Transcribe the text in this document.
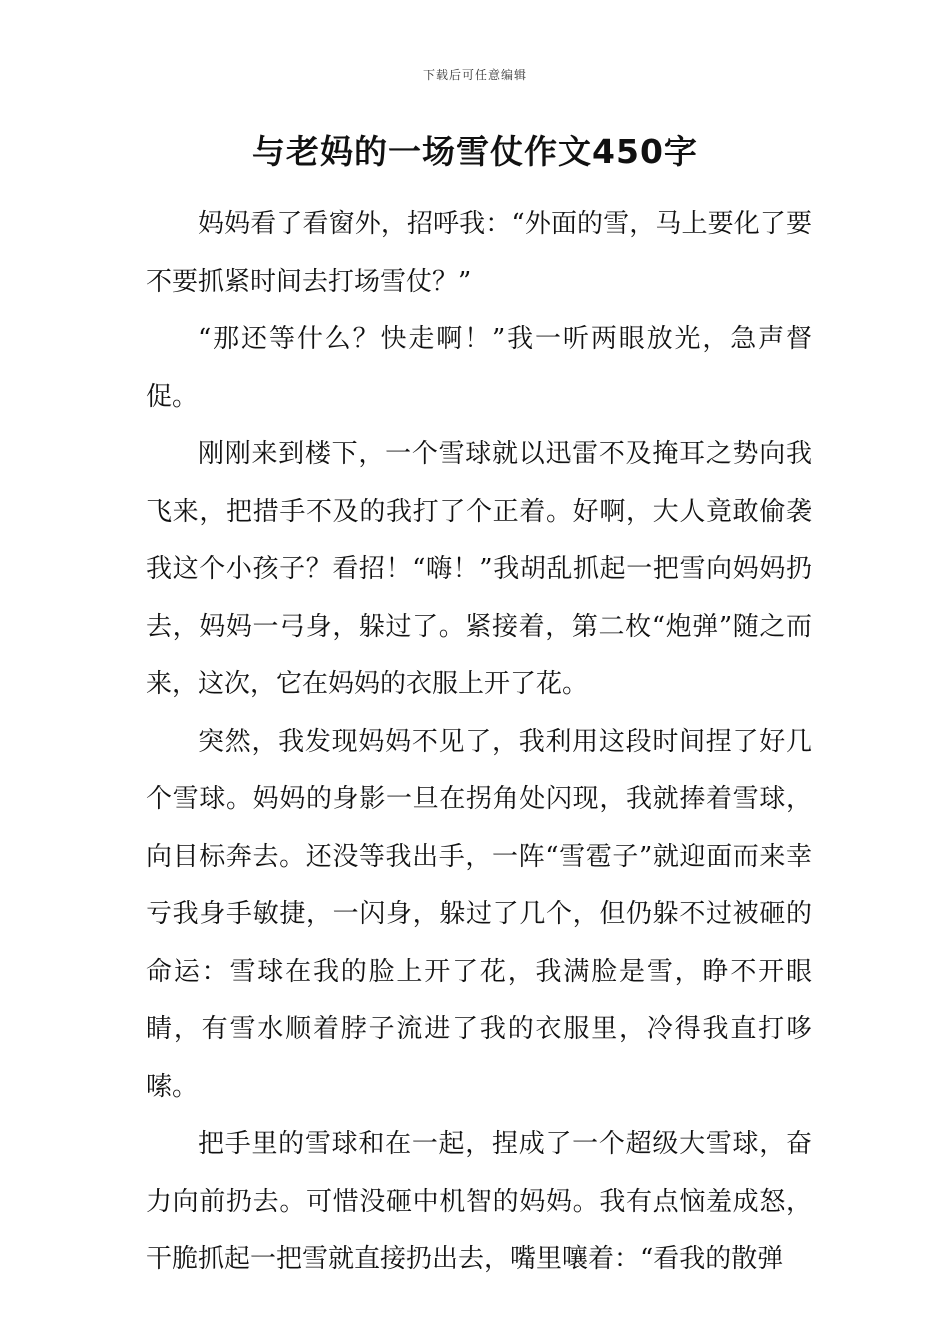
下载后可任意编辑
与老妈的一场雪仗作文450字

妈妈看了看窗外，招呼我：“外面的雪，马上要化了要不要抓紧时间去打场雪仗？”

“那还等什么？快走啊！”我一听两眼放光，急声督促。

刚刚来到楼下，一个雪球就以迅雷不及掩耳之势向我飞来，把措手不及的我打了个正着。好啊，大人竟敢偷袭我这个小孩子？看招！“嗨！”我胡乱抓起一把雪向妈妈扔去，妈妈一弓身，躲过了。紧接着，第二枚“炮弹”随之而来，这次，它在妈妈的衣服上开了花。

突然，我发现妈妈不见了，我利用这段时间捏了好几个雪球。妈妈的身影一旦在拐角处闪现，我就捧着雪球，向目标奔去。还没等我出手，一阵“雪雹子”就迎面而来幸亏我身手敏捷，一闪身，躲过了几个，但仍躲不过被砸的命运：雪球在我的脸上开了花，我满脸是雪，睁不开眼睛，有雪水顺着脖子流进了我的衣服里，冷得我直打哆嗦。

把手里的雪球和在一起，捏成了一个超级大雪球，奋力向前扔去。可惜没砸中机智的妈妈。我有点恼羞成怒，干脆抓起一把雪就直接扔出去，嘴里嚷着：“看我的散弹
